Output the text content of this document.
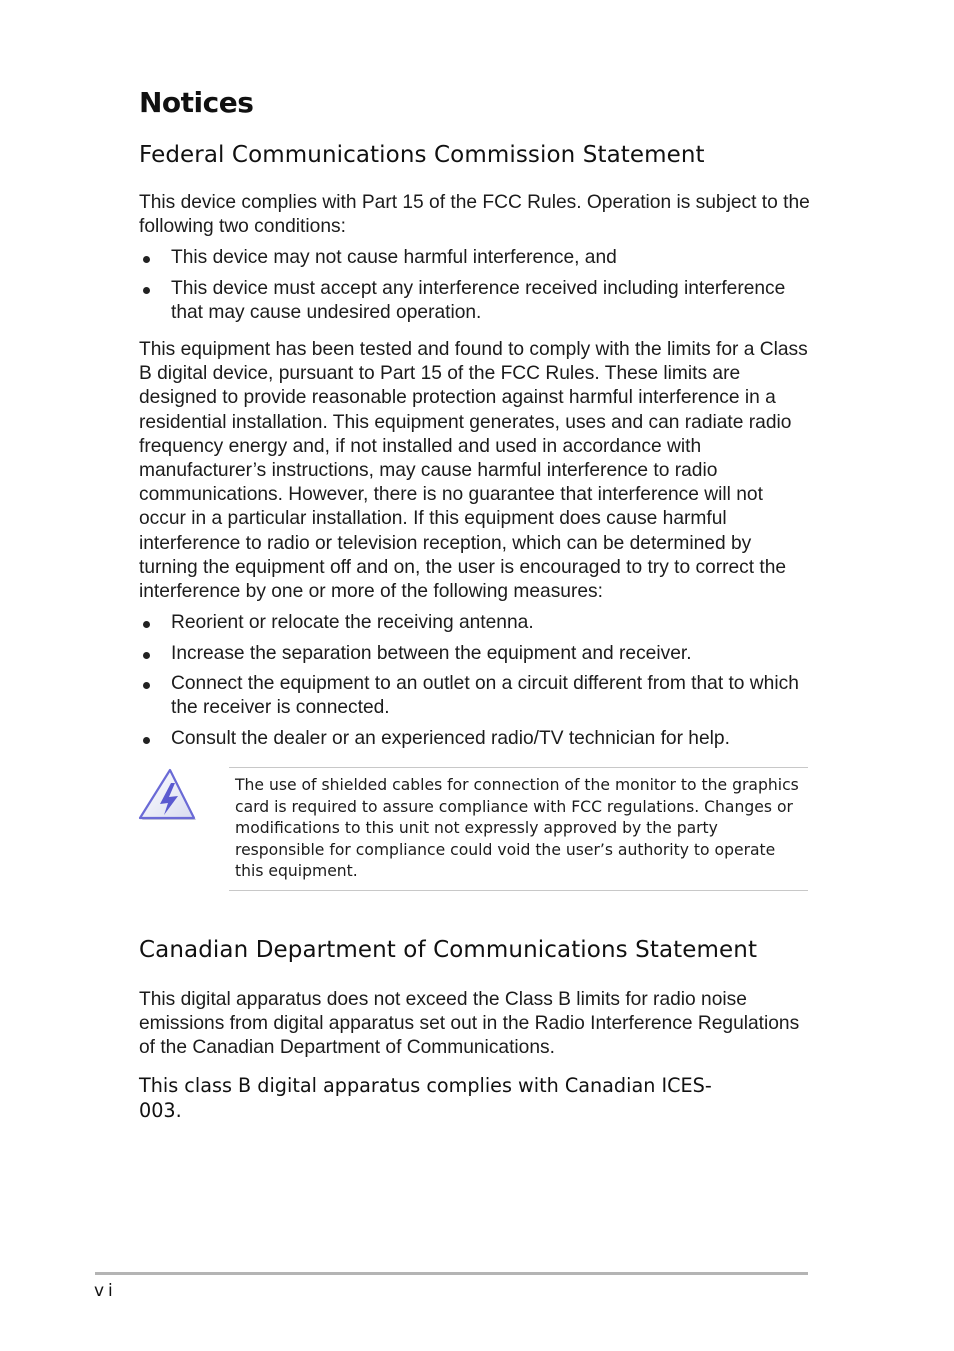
Notices
Federal Communications Commission Statement

This device complies with Part 15 of the FCC Rules. Operation is subject to the following two conditions:

This device may not cause harmful interference, and
This device must accept any interference received including interference that may cause undesired operation.

This equipment has been tested and found to comply with the limits for a Class B digital device, pursuant to Part 15 of the FCC Rules. These limits are designed to provide reasonable protection against harmful interference in a residential installation. This equipment generates, uses and can radiate radio frequency energy and, if not installed and used in accordance with manufacturer’s instructions, may cause harmful interference to radio communications. However, there is no guarantee that interference will not occur in a particular installation. If this equipment does cause harmful interference to radio or television reception, which can be determined by turning the equipment off and on, the user is encouraged to try to correct the interference by one or more of the following measures:

Reorient or relocate the receiving antenna.
Increase the separation between the equipment and receiver.
Connect the equipment to an outlet on a circuit different from that to which the receiver is connected.
Consult the dealer or an experienced radio/TV technician for help.

The use of shielded cables for connection of the monitor to the graphics card is required to assure compliance with FCC regulations. Changes or modifications to this unit not expressly approved by the party responsible for compliance could void the user’s authority to operate this equipment.

Canadian Department of Communications Statement

This digital apparatus does not exceed the Class B limits for radio noise emissions from digital apparatus set out in the Radio Interference Regulations of the Canadian Department of Communications.

This class B digital apparatus complies with Canadian ICES-003.

vi
